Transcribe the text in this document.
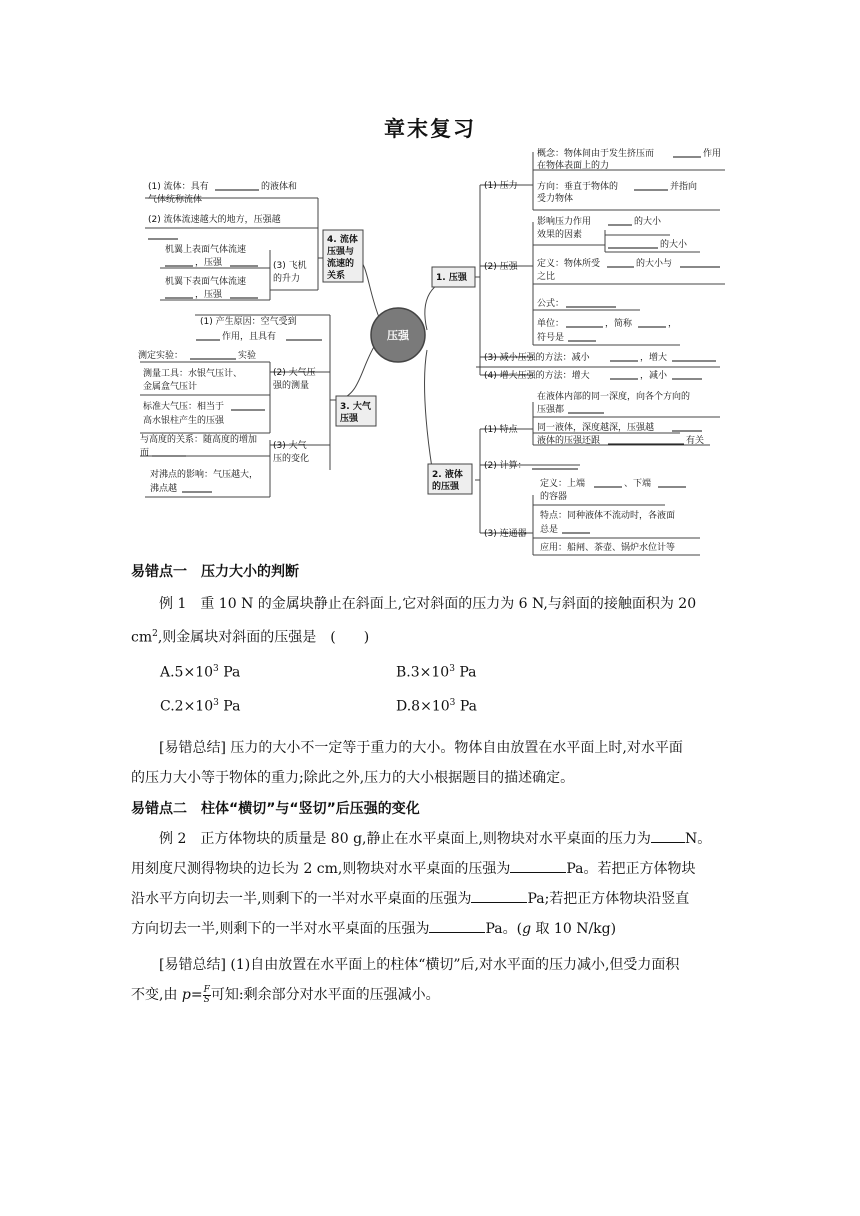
章末复习
压强
1. 压强
2. 液体
的压强
3. 大气
压强
4. 流体
压强与
流速的
关系
(1) 压力
概念：物体间由于发生挤压而	作用
在物体表面上的力
方向：垂直于物体的	并指向
受力物体
(2) 压强
影响压力作用
效果的因素
的大小
的大小
定义：物体所受	的大小与
之比
公式：
单位：	，简称	，
符号是
(3) 减小压强的方法：减小	，增大
(4) 增大压强的方法：增大	，减小
(1) 特点
在液体内部的同一深度，向各个方向的
压强都
同一液体，深度越深，压强越
液体的压强还跟	有关
(2) 计算：
(3) 连通器
定义：上端	、下端
的容器
特点：同种液体不流动时，各液面
总是
应用：船闸、茶壶、锅炉水位计等
(1) 产生原因：空气受到
作用，且具有
(2) 大气压
强的测量
测定实验：	实验
测量工具：水银气压计、
金属盒气压计
标准大气压：相当于
高水银柱产生的压强
(3) 大气
压的变化
与高度的关系：随高度的增加
而
对沸点的影响：气压越大，
沸点越
(1) 流体：具有	的液体和
气体统称流体
(2) 流体流速越大的地方，压强越
(3) 飞机
的升力
机翼上表面气体流速
，压强
机翼下表面气体流速
，压强
易错点一　压力大小的判断
例 1　重 10 N 的金属块静止在斜面上,它对斜面的压力为 6 N,与斜面的接触面积为 20
$cm^2$,则金属块对斜面的压强是　(　　)
$A.5\times 10^3$ Pa	$B.3\times 10^3$ Pa
$C.2\times 10^3$ Pa	$D.8\times 10^3$ Pa
[易错总结] 压力的大小不一定等于重力的大小。物体自由放置在水平面上时,对水平面
的压力大小等于物体的重力;除此之外,压力的大小根据题目的描述确定。
易错点二　柱体“横切”与“竖切”后压强的变化
例 2　正方体物块的质量是 80 g,静止在水平桌面上,则物块对水平桌面的压力为 N。
用刻度尺测得物块的边长为 2 cm,则物块对水平桌面的压强为	Pa。若把正方体物块
沿水平方向切去一半,则剩下的一半对水平桌面的压强为	Pa;若把正方体物块沿竖直
方向切去一半,则剩下的一半对水平桌面的压强为	Pa。(g 取 10 N/kg)
[易错总结] (1)自由放置在水平面上的柱体“横切”后,对水平面的压力减小,但受力面积
不变,由 $p= \frac{F}{S}$ 可知:剩余部分对水平面的压强减小。
